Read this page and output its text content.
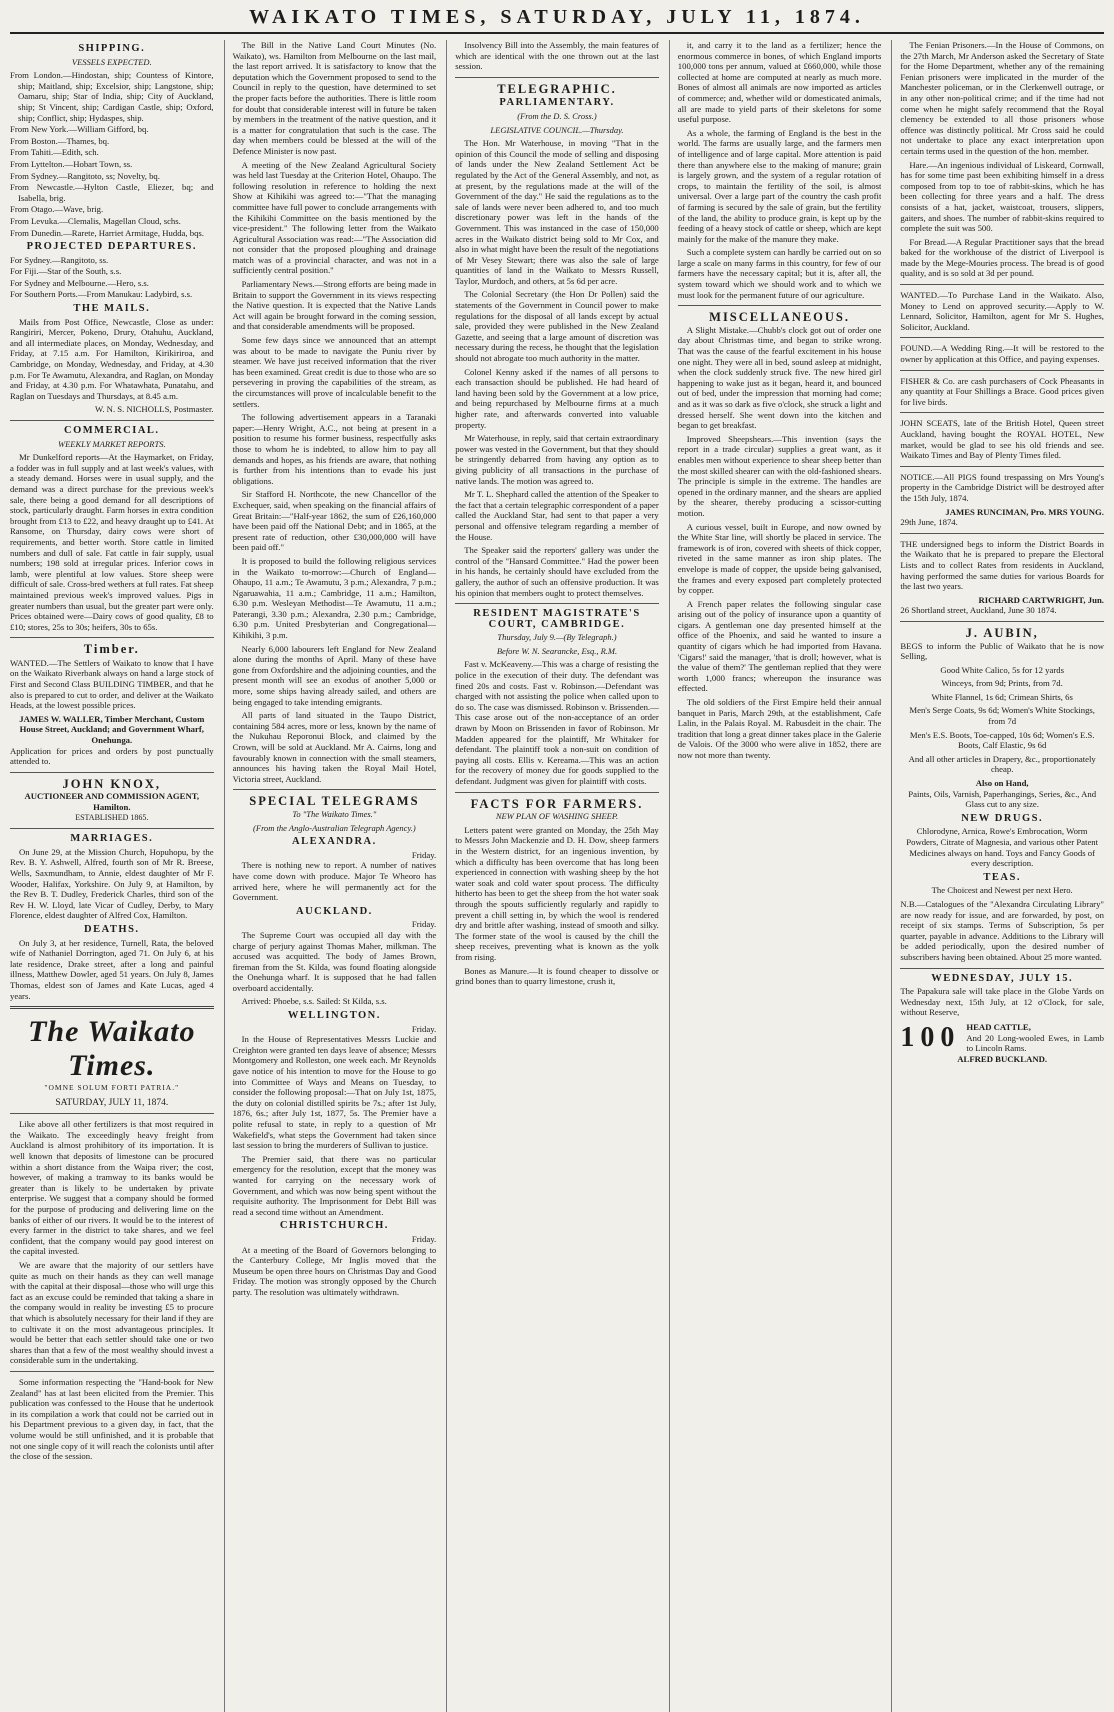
WAIKATO TIMES, SATURDAY, JULY 11, 1874.
SHIPPING.
VESSELS EXPECTED.
From London.—Hindostan, ship; Countess of Kintore, ship; Maitland, ship; Excelsior, ship; Langstone, ship; Oamaru, ship; Star of India, ship; City of Auckland, ship; St Vincent, ship; Cardigan Castle, ship; Oxford, ship; Conflict, ship; Hydaspes, ship.
From New York.—William Gifford, bq.
From Boston.—Thames, bq.
From Tahiti.—Edith, sch.
From Lyttelton.—Hobart Town, ss.
From Sydney.—Rangitoto, ss; Novelty, bq.
From Newcastle.—Hylton Castle, Eliezer, bq; and Isabella, brig.
From Otago.—Wave, brig.
From Levuka.—Clemalis, Magellan Cloud, schs.
From Dunedin.—Rarete, Harriet Armitage, Hudda, bqs.
PROJECTED DEPARTURES.
For Sydney.—Rangitoto, ss.
For Fiji.—Star of the South, s.s.
For Sydney and Melbourne.—Hero, s.s.
For Southern Ports.—From Manukau: Ladybird, s.s.
THE MAILS.

Mails from Post Office, Newcastle, Close as under: Rangiriri, Mercer, Pokeno, Drury, Otahuhu, Auckland, and all intermediate places, on Monday, Wednesday, and Friday, at 7.15 a.m. For Hamilton, Kirikiriroa, and Cambridge, on Monday, Wednesday, and Friday, at 4.30 p.m. For Te Awamutu, Alexandra, and Raglan, on Monday and Friday, at 4.30 p.m. For Whatawhata, Punatahu, and Raglan on Tuesdays and Thursdays, at 8.45 a.m.

W. N. S. NICHOLLS, Postmaster.
COMMERCIAL.
WEEKLY MARKET REPORTS.

Mr Dunkelford reports—At the Haymarket, on Friday, a fodder was in full supply and at last week's values, with a steady demand. Horses were in usual supply, and the demand was a direct purchase for the previous week's sale, there being a good demand for all descriptions of stock, particularly draught. Farm horses in extra condition brought from £13 to £22, and heavy draught up to £41. At Ransome, on Thursday, dairy cows were short of requirements, and better worth. Store cattle in limited numbers and dull of sale. Fat cattle in fair supply, usual numbers; 198 sold at irregular prices. Inferior cows in lamb, were plentiful at low values. Store sheep were difficult of sale. Cross-bred wethers at full rates. Fat sheep maintained previous week's improved values. Pigs in greater numbers than usual, but the greater part were only. Prices obtained were—Dairy cows of good quality, £8 to £10; stores, 25s to 30s; heifers, 30s to 65s.

Timber.

WANTED.—The Settlers of Waikato to know that I have on the Waikato Riverbank always on hand a large stock of First and Second Class BUILDING TIMBER, and that he also is prepared to cut to order, and deliver at the Waikato Heads, at the lowest possible prices.

JAMES W. WALLER, Timber Merchant, Custom House Street, Auckland; and Government Wharf, Onehunga.

Application for prices and orders by post punctually attended to.

JOHN KNOX,
AUCTIONEER AND COMMISSION AGENT,
Hamilton.
ESTABLISHED 1865.
MARRIAGES.

On June 29, at the Mission Church, Hopuhopu, by the Rev. B. Y. Ashwell, Alfred, fourth son of Mr R. Breese, Wells, Saxmundham, to Annie, eldest daughter of Mr F. Wooder, Halifax, Yorkshire. On July 9, at Hamilton, by the Rev B. T. Dudley, Frederick Charles, third son of the Rev H. W. Lloyd, late Vicar of Cudley, Derby, to Mary Florence, eldest daughter of Alfred Cox, Hamilton.

DEATHS.

On July 3, at her residence, Turnell, Rata, the beloved wife of Nathaniel Dorrington, aged 71. On July 6, at his late residence, Drake street, after a long and painful illness, Matthew Dowler, aged 51 years. On July 8, James Thomas, eldest son of James and Kate Lucas, aged 4 years.

The Waikato Times.
"OMNE SOLUM FORTI PATRIA."
SATURDAY, JULY 11, 1874.

Like above all other fertilizers is that most required in the Waikato. The exceedingly heavy freight from Auckland is almost prohibitory of its importation. It is well known that deposits of limestone can be procured within a short distance from the Waipa river; the cost, however, of making a tramway to its banks would be greater than is likely to be undertaken by private enterprise. We suggest that a company should be formed for the purpose of producing and delivering lime on the banks of either of our rivers. It would be to the interest of every farmer in the district to take shares, and we feel confident, that the company would pay good interest on the capital invested.

We are aware that the majority of our settlers have quite as much on their hands as they can well manage with the capital at their disposal—those who will urge this fact as an excuse could be reminded that taking a share in the company would in reality be investing £5 to procure that which is absolutely necessary for their land if they are to cultivate it on the most advantageous principles. It would be better that each settler should take one or two shares than that a few of the most wealthy should invest a considerable sum in the undertaking.

Some information respecting the "Hand-book for New Zealand" has at last been elicited from the Premier. This publication was confessed to the House that he undertook in its compilation a work that could not be carried out in his Department previous to a given day, in fact, that the volume would be still unfinished, and it is probable that not one single copy of it will reach the colonists until after the close of the session.

The Bill in the Native Land Court Minutes (No. Waikato), ws. Hamilton from Melbourne on the last mail, the last report arrived. It is satisfactory to know that the deputation which the Government proposed to send to the Council in reply to the question, have determined to set the proper facts before the authorities. There is little room for doubt that considerable interest will in future be taken by members in the treatment of the native question, and it is a matter for congratulation that such is the case. The day when members could be blessed at the will of the Defence Minister is now past.

A meeting of the New Zealand Agricultural Society was held last Tuesday at the Criterion Hotel, Ohaupo. The following resolution in reference to holding the next Show at Kihikihi was agreed to:—"That the managing committee have full power to conclude arrangements with the Kihikihi Committee on the basis mentioned by the vice-president." The following letter from the Waikato Agricultural Association was read:—"The Association did not consider that the proposed ploughing and drainage match was of a provincial character, and was not in a sufficiently central position."

Parliamentary News.—Strong efforts are being made in Britain to support the Government in its views respecting the Native question. It is expected that the Native Lands Act will again be brought forward in the coming session, and that considerable amendments will be proposed.

Some few days since we announced that an attempt was about to be made to navigate the Puniu river by steamer. We have just received information that the river has been examined. Great credit is due to those who are so persevering in proving the capabilities of the stream, as the circumstances will prove of incalculable benefit to the settlers.

The following advertisement appears in a Taranaki paper:—Henry Wright, A.C., not being at present in a position to resume his former business, respectfully asks those to whom he is indebted, to allow him to pay all demands and hopes, as his friends are aware, that nothing is further from his intentions than to evade his just obligations.

Sir Stafford H. Northcote, the new Chancellor of the Exchequer, said, when speaking on the financial affairs of Great Britain:—"Half-year 1862, the sum of £26,160,000 have been paid off the National Debt; and in 1865, at the present rate of reduction, other £30,000,000 will have been paid off."

It is proposed to build the following religious services in the Waikato to-morrow:—Church of England—Ohaupo, 11 a.m.; Te Awamutu, 3 p.m.; Alexandra, 7 p.m.; Ngaruawahia, 11 a.m.; Cambridge, 11 a.m.; Hamilton, 6.30 p.m. Wesleyan Methodist—Te Awamutu, 11 a.m.; Paterangi, 3.30 p.m.; Alexandra, 2.30 p.m.; Cambridge, 6.30 p.m. United Presbyterian and Congregational—Kihikihi, 3 p.m.

Nearly 6,000 labourers left England for New Zealand alone during the months of April. Many of these have gone from Oxfordshire and the adjoining counties, and the present month will see an exodus of another 5,000 or more, some ships having already sailed, and others are being engaged to take intending emigrants.

All parts of land situated in the Taupo District, containing 584 acres, more or less, known by the name of the Nukuhau Reporonui Block, and claimed by the Crown, will be sold at Auckland. Mr A. Cairns, long and favourably known in connection with the small steamers, announces his having taken the Royal Mail Hotel, Victoria street, Auckland.

SPECIAL TELEGRAMS
To "The Waikato Times."
(From the Anglo-Australian Telegraph Agency.)
ALEXANDRA.
Friday.

There is nothing new to report. A number of natives have come down with produce. Major Te Wheoro has arrived here, where he will permanently act for the Government.

AUCKLAND.
Friday.

The Supreme Court was occupied all day with the charge of perjury against Thomas Maher, milkman. The accused was acquitted. The body of James Brown, fireman from the St. Kilda, was found floating alongside the Onehunga wharf. It is supposed that he had fallen overboard accidentally.

Arrived: Phoebe, s.s. Sailed: St Kilda, s.s.

WELLINGTON.
Friday.

In the House of Representatives Messrs Luckie and Creighton were granted ten days leave of absence; Messrs Montgomery and Rolleston, one week each. Mr Reynolds gave notice of his intention to move for the House to go into Committee of Ways and Means on Tuesday, to consider the following proposal:—That on July 1st, 1875, the duty on colonial distilled spirits be 7s.; after 1st July, 1876, 6s.; after July 1st, 1877, 5s. The Premier have a polite refusal to state, in reply to a question of Mr Wakefield's, what steps the Government had taken since last session to bring the murderers of Sullivan to justice.

The Premier said, that there was no particular emergency for the resolution, except that the money was wanted for carrying on the necessary work of Government, and which was now being spent without the requisite authority. The Imprisonment for Debt Bill was read a second time without an Amendment.

CHRISTCHURCH.
Friday.

At a meeting of the Board of Governors belonging to the Canterbury College, Mr Inglis moved that the Museum be open three hours on Christmas Day and Good Friday. The motion was strongly opposed by the Church party. The resolution was ultimately withdrawn.

Insolvency Bill into the Assembly, the main features of which are identical with the one thrown out at the last session.

TELEGRAPHIC.
PARLIAMENTARY.
(From the D. S. Cross.)
LEGISLATIVE COUNCIL.—Thursday.

The Hon. Mr Waterhouse, in moving "That in the opinion of this Council the mode of selling and disposing of lands under the New Zealand Settlement Act be regulated by the Act of the General Assembly, and not, as at present, by the regulations made at the will of the Government of the day." He said the regulations as to the sale of lands were never been adhered to, and too much discretionary power was left in the hands of the Government. This was instanced in the case of 150,000 acres in the Waikato district being sold to Mr Cox, and also in what might have been the result of the negotiations of Mr Vesey Stewart; there was also the sale of large quantities of land in the Waikato to Messrs Russell, Taylor, Murdoch, and others, at 5s 6d per acre.

The Colonial Secretary (the Hon Dr Pollen) said the statements of the Government in Council power to make regulations for the disposal of all lands except by actual sale, provided they were published in the New Zealand Gazette, and seeing that a large amount of discretion was necessary during the recess, he thought that the legislation should not abrogate too much authority in the matter.

Colonel Kenny asked if the names of all persons to each transaction should be published. He had heard of land having been sold by the Government at a low price, and being repurchased by Melbourne firms at a much higher rate, and afterwards converted into valuable property.

Mr Waterhouse, in reply, said that certain extraordinary power was vested in the Government, but that they should be stringently debarred from having any option as to giving publicity of all transactions in the purchase of native lands. The motion was agreed to.

Mr T. L. Shephard called the attention of the Speaker to the fact that a certain telegraphic correspondent of a paper called the Auckland Star, had sent to that paper a very personal and offensive telegram regarding a member of the House.

The Speaker said the reporters' gallery was under the control of the "Hansard Committee." Had the power been in his hands, he certainly should have excluded from the gallery, the author of such an offensive production. It was his opinion that members ought to protect themselves.

RESIDENT MAGISTRATE'S COURT, CAMBRIDGE.
Thursday, July 9.—(By Telegraph.)
Before W. N. Searancke, Esq., R.M.

Fast v. McKeaveny.—This was a charge of resisting the police in the execution of their duty. The defendant was fined 20s and costs. Fast v. Robinson.—Defendant was charged with not assisting the police when called upon to do so. The case was dismissed. Robinson v. Brissenden.—This case arose out of the non-acceptance of an order drawn by Moon on Brissenden in favor of Robinson. Mr Madden appeared for the plaintiff, Mr Whitaker for defendant. The plaintiff took a non-suit on condition of paying all costs. Ellis v. Kereama.—This was an action for the recovery of money due for goods supplied to the defendant. Judgment was given for plaintiff with costs.

FACTS FOR FARMERS.
NEW PLAN OF WASHING SHEEP.

Letters patent were granted on Monday, the 25th May to Messrs John Mackenzie and D. H. Dow, sheep farmers in the Western district, for an ingenious invention, by which a difficulty has been overcome that has long been experienced in connection with washing sheep by the hot water soak and cold water spout process. The difficulty hitherto has been to get the sheep from the hot water soak through the spouts sufficiently regularly and rapidly to prevent a chill setting in, by which the wool is rendered dry and brittle after washing, instead of smooth and silky. The former state of the wool is caused by the chill the sheep receives, preventing what is known as the yolk from rising.

Bones as Manure.—It is found cheaper to dissolve or grind bones than to quarry limestone, crush it,

it, and carry it to the land as a fertilizer; hence the enormous commerce in bones, of which England imports 100,000 tons per annum, valued at £660,000, while those collected at home are computed at nearly as much more. Bones of almost all animals are now imported as articles of commerce; and, whether wild or domesticated animals, all are made to yield parts of their skeletons for some useful purpose.

As a whole, the farming of England is the best in the world. The farms are usually large, and the farmers men of intelligence and of large capital. More attention is paid there than anywhere else to the making of manure; grain is largely grown, and the system of a regular rotation of crops, to maintain the fertility of the soil, is almost universal. Over a large part of the country the cash profit of farming is secured by the sale of grain, but the fertility of the land, the ability to produce grain, is kept up by the feeding of a heavy stock of cattle or sheep, which are kept mainly for the make of the manure they make.

Such a complete system can hardly be carried out on so large a scale on many farms in this country, for few of our farmers have the necessary capital; but it is, after all, the system toward which we should work and to which we must look for the permanent future of our agriculture.

MISCELLANEOUS.

A Slight Mistake.—Chubb's clock got out of order one day about Christmas time, and began to strike wrong. That was the cause of the fearful excitement in his house one night. They were all in bed, sound asleep at midnight, when the clock suddenly struck five. The new hired girl happening to wake just as it began, heard it, and bounced out of bed, under the impression that morning had come; and as it was so dark as five o'clock, she struck a light and dressed herself. She went down into the kitchen and began to get breakfast.

Improved Sheepshears.—This invention (says the report in a trade circular) supplies a great want, as it enables men without experience to shear sheep better than the most skilled shearer can with the old-fashioned shears. The principle is simple in the extreme. The handles are opened in the ordinary manner, and the shears are applied by the shearer, thereby producing a scissor-cutting motion.

A curious vessel, built in Europe, and now owned by the White Star line, will shortly be placed in service. The framework is of iron, covered with sheets of thick copper, riveted in the same manner as iron ship plates. The envelope is made of copper, the upside being galvanised, the frames and every exposed part completely protected by copper.

A French paper relates the following singular case arising out of the policy of insurance upon a quantity of cigars. A gentleman one day presented himself at the office of the Phoenix, and said he wanted to insure a quantity of cigars which he had imported from Havana. 'Cigars!' said the manager, 'that is droll; however, what is the value of them?' The gentleman replied that they were worth 1,000 francs; whereupon the insurance was effected.

The old soldiers of the First Empire held their annual banquet in Paris, March 29th, at the establishment, Cafe Lalin, in the Palais Royal. M. Rabusdeit in the chair. The tradition that long a great dinner takes place in the Galerie de Valois. Of the 3000 who were alive in 1852, there are now not more than twenty.

The Fenian Prisoners.—In the House of Commons, on the 27th March, Mr Anderson asked the Secretary of State for the Home Department, whether any of the remaining Fenian prisoners were implicated in the murder of the Manchester policeman, or in the Clerkenwell outrage, or in any other non-political crime; and if the time had not come when he might safely recommend that the Royal clemency be extended to all those prisoners whose offence was distinctly political. Mr Cross said he could not undertake to place any exact interpretation upon certain terms used in the question of the hon. member.

Hare.—An ingenious individual of Liskeard, Cornwall, has for some time past been exhibiting himself in a dress composed from top to toe of rabbit-skins, which he has been collecting for three years and a half. The dress consists of a hat, jacket, waistcoat, trousers, slippers, gaiters, and shoes. The number of rabbit-skins required to complete the suit was 500.

For Bread.—A Regular Practitioner says that the bread baked for the workhouse of the district of Liverpool is made by the Mege-Mouries process. The bread is of good quality, and is so sold at 3d per pound.

WANTED.—To Purchase Land in the Waikato. Also, Money to Lend on approved security.—Apply to W. Lennard, Solicitor, Hamilton, agent for Mr S. Hughes, Solicitor, Auckland.

FOUND.—A Wedding Ring.—It will be restored to the owner by application at this Office, and paying expenses.

FISHER & Co. are cash purchasers of Cock Pheasants in any quantity at Four Shillings a Brace. Good prices given for live birds.

JOHN SCEATS, late of the British Hotel, Queen street Auckland, having bought the ROYAL HOTEL, New market, would be glad to see his old friends and see. Waikato Times and Bay of Plenty Times filed.

NOTICE.—All PIGS found trespassing on Mrs Young's property in the Cambridge District will be destroyed after the 15th July, 1874.

JAMES RUNCIMAN, Pro. MRS YOUNG.
29th June, 1874.

THE undersigned begs to inform the District Boards in the Waikato that he is prepared to prepare the Electoral Lists and to collect Rates from residents in Auckland, having performed the same duties for various Boards for the last two years.

RICHARD CARTWRIGHT, Jun.
26 Shortland street, Auckland, June 30 1874.
J. AUBIN,

BEGS to inform the Public of Waikato that he is now Selling,

Good White Calico, 5s for 12 yards

Winceys, from 9d; Prints, from 7d.

White Flannel, 1s 6d; Crimean Shirts, 6s

Men's Serge Coats, 9s 6d; Women's White Stockings, from 7d

Men's E.S. Boots, Toe-capped, 10s 6d; Women's E.S. Boots, Calf Elastic, 9s 6d

And all other articles in Drapery, &c., proportionately cheap.

Also on Hand,

Paints, Oils, Varnish, Paperhangings, Series, &c., And Glass cut to any size.

NEW DRUGS.

Chlorodyne, Arnica, Rowe's Embrocation, Worm Powders, Citrate of Magnesia, and various other Patent Medicines always on hand. Toys and Fancy Goods of every description.

TEAS.

The Choicest and Newest per next Hero.

N.B.—Catalogues of the "Alexandra Circulating Library" are now ready for issue, and are forwarded, by post, on receipt of six stamps. Terms of Subscription, 5s per quarter, payable in advance. Additions to the Library will be added periodically, upon the desired number of subscribers having been obtained. About 25 more wanted.

WEDNESDAY, JULY 15.

The Papakura sale will take place in the Globe Yards on Wednesday next, 15th July, at 12 o'Clock, for sale, without Reserve,

100 HEAD CATTLE,
And 20 Long-wooled Ewes, in Lamb to Lincoln Rams.
ALFRED BUCKLAND.
